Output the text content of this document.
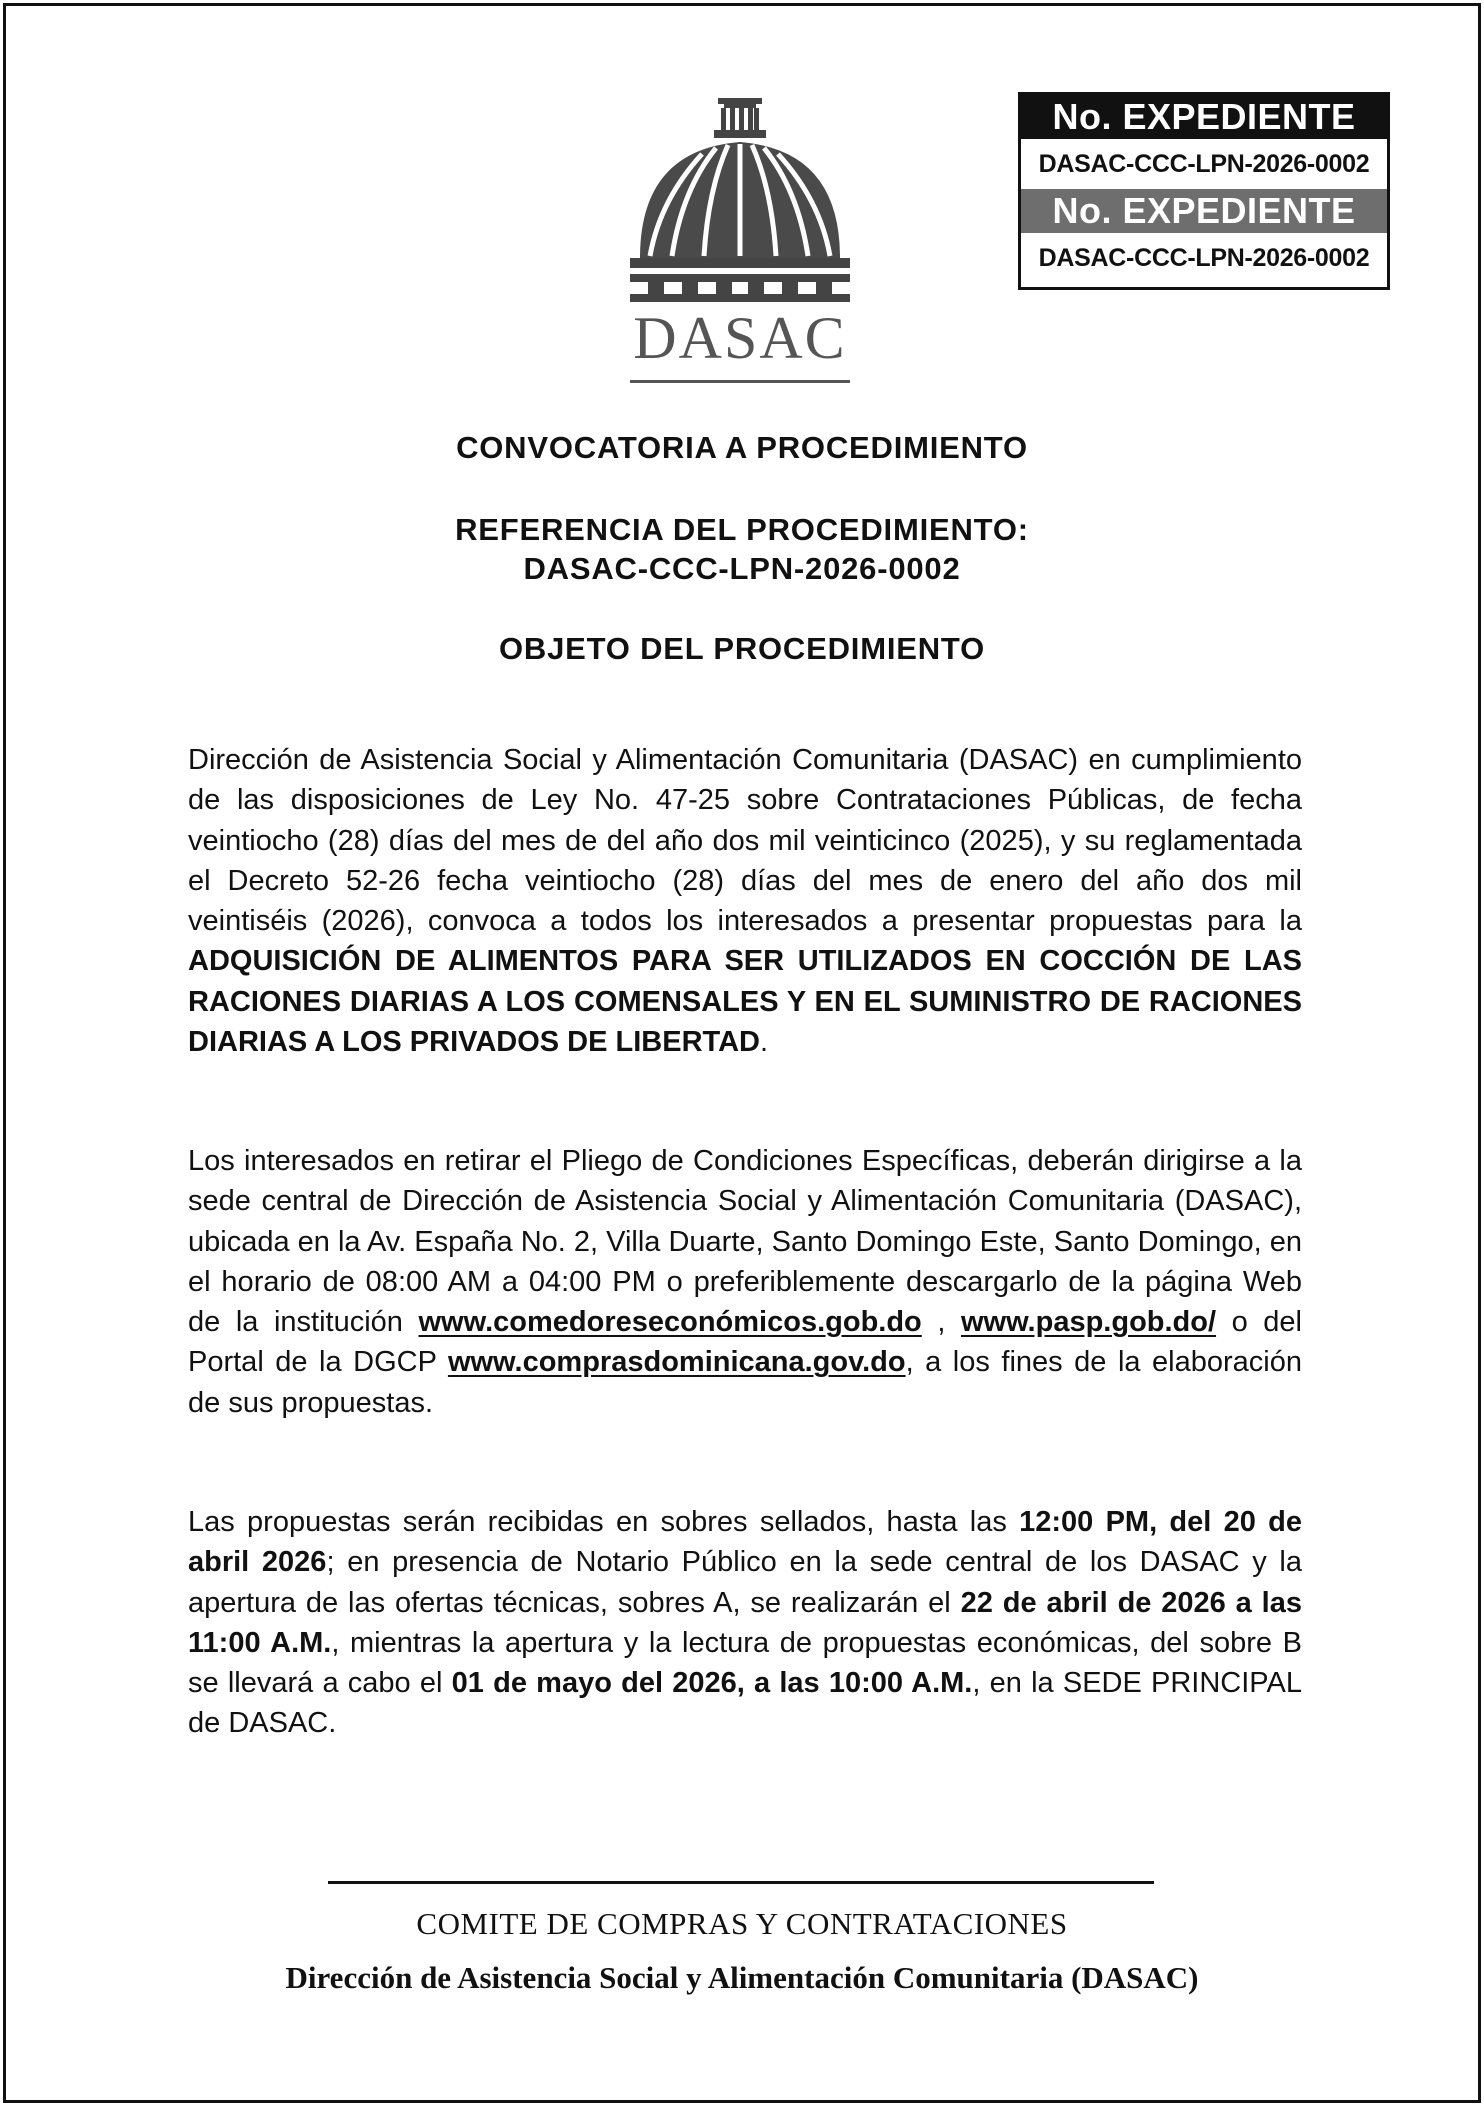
DASAC
No. EXPEDIENTE
DASAC-CCC-LPN-2026-0002
No. EXPEDIENTE
DASAC-CCC-LPN-2026-0002
CONVOCATORIA A PROCEDIMIENTO
REFERENCIA DEL PROCEDIMIENTO:
DASAC-CCC-LPN-2026-0002
OBJETO DEL PROCEDIMIENTO

Dirección de Asistencia Social y Alimentación Comunitaria (DASAC) en cumplimiento de las disposiciones de Ley No. 47-25 sobre Contrataciones Públicas, de fecha veintiocho (28) días del mes de del año dos mil veinticinco (2025), y su reglamentada el Decreto 52-26 fecha veintiocho (28) días del mes de enero del año dos mil veintiséis (2026), convoca a todos los interesados a presentar propuestas para la ADQUISICIÓN DE ALIMENTOS PARA SER UTILIZADOS EN COCCIÓN DE LAS RACIONES DIARIAS A LOS COMENSALES Y EN EL SUMINISTRO DE RACIONES DIARIAS A LOS PRIVADOS DE LIBERTAD.

Los interesados en retirar el Pliego de Condiciones Específicas, deberán dirigirse a la sede central de Dirección de Asistencia Social y Alimentación Comunitaria (DASAC), ubicada en la Av. España No. 2, Villa Duarte, Santo Domingo Este, Santo Domingo, en el horario de 08:00 AM a 04:00 PM o preferiblemente descargarlo de la página Web de la institución www.comedoreseconómicos.gob.do , www.pasp.gob.do/ o del Portal de la DGCP www.comprasdominicana.gov.do, a los fines de la elaboración de sus propuestas.

Las propuestas serán recibidas en sobres sellados, hasta las 12:00 PM, del 20 de abril 2026; en presencia de Notario Público en la sede central de los DASAC y la apertura de las ofertas técnicas, sobres A, se realizarán el 22 de abril de 2026 a las 11:00 A.M., mientras la apertura y la lectura de propuestas económicas, del sobre B se llevará a cabo el 01 de mayo del 2026, a las 10:00 A.M., en la SEDE PRINCIPAL de DASAC.

COMITE DE COMPRAS Y CONTRATACIONES
Dirección de Asistencia Social y Alimentación Comunitaria (DASAC)
